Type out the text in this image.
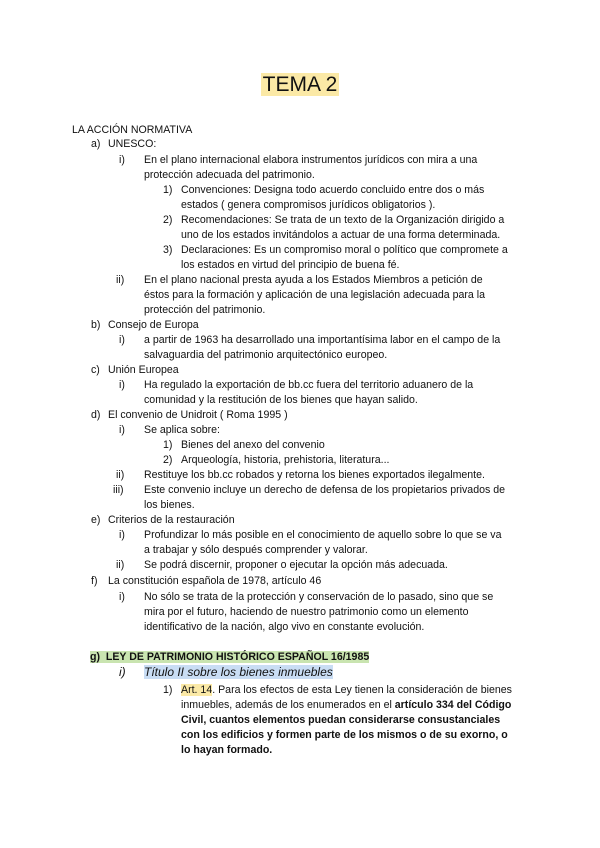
TEMA 2
LA ACCIÓN NORMATIVA
a) UNESCO:
i) En el plano internacional elabora instrumentos jurídicos con mira a una
protección adecuada del patrimonio.
1) Convenciones: Designa todo acuerdo concluido entre dos o más
estados ( genera compromisos jurídicos obligatorios ).
2) Recomendaciones: Se trata de un texto de la Organización dirigido a
uno de los estados invitándolos a actuar de una forma determinada.
3) Declaraciones: Es un compromiso moral o político que compromete a
los estados en virtud del principio de buena fé.
ii) En el plano nacional presta ayuda a los Estados Miembros a petición de
éstos para la formación y aplicación de una legislación adecuada para la
protección del patrimonio.
b) Consejo de Europa
i) a partir de 1963 ha desarrollado una importantísima labor en el campo de la
salvaguardia del patrimonio arquitectónico europeo.
c) Unión Europea
i) Ha regulado la exportación de bb.cc fuera del territorio aduanero de la
comunidad y la restitución de los bienes que hayan salido.
d) El convenio de Unidroit ( Roma 1995 )
i) Se aplica sobre:
1) Bienes del anexo del convenio
2) Arqueología, historia, prehistoria, literatura...
ii) Restituye los bb.cc robados y retorna los bienes exportados ilegalmente.
iii) Este convenio incluye un derecho de defensa de los propietarios privados de
los bienes.
e) Criterios de la restauración
i) Profundizar lo más posible en el conocimiento de aquello sobre lo que se va
a trabajar y sólo después comprender y valorar.
ii) Se podrá discernir, proponer o ejecutar la opción más adecuada.
f) La constitución española de 1978, artículo 46
i) No sólo se trata de la protección y conservación de lo pasado, sino que se
mira por el futuro, haciendo de nuestro patrimonio como un elemento
identificativo de la nación, algo vivo en constante evolución.
g) LEY DE PATRIMONIO HISTÓRICO ESPAÑOL 16/1985
i) Título II sobre los bienes inmuebles
1) Art. 14. Para los efectos de esta Ley tienen la consideración de bienes
inmuebles, además de los enumerados en el artículo 334 del Código
Civil, cuantos elementos puedan considerarse consustanciales
con los edificios y formen parte de los mismos o de su exorno, o
lo hayan formado.
